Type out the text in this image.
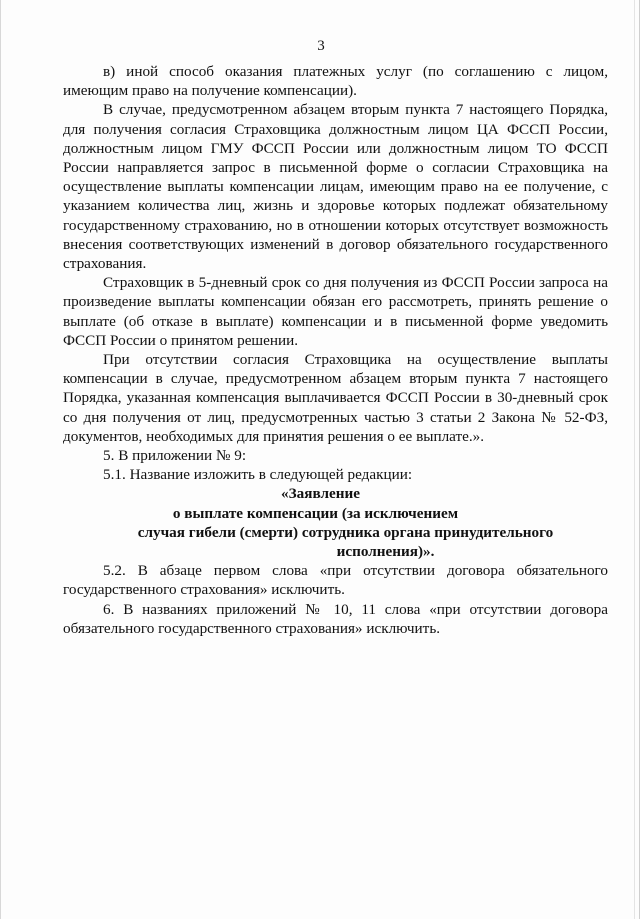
3

в) иной способ оказания платежных услуг (по соглашению с лицом, имеющим право на получение компенсации).

В случае, предусмотренном абзацем вторым пункта 7 настоящего Порядка, для получения согласия Страховщика должностным лицом ЦА ФССП России, должностным лицом ГМУ ФССП России или должностным лицом ТО ФССП России направляется запрос в письменной форме о согласии Страховщика на осуществление выплаты компенсации лицам, имеющим право на ее получение, с указанием количества лиц, жизнь и здоровье которых подлежат обязательному государственному страхованию, но в отношении которых отсутствует возможность внесения соответствующих изменений в договор обязательного государственного страхования.

Страховщик в 5-дневный срок со дня получения из ФССП России запроса на произведение выплаты компенсации обязан его рассмотреть, принять решение о выплате (об отказе в выплате) компенсации и в письменной форме уведомить ФССП России о принятом решении.

При отсутствии согласия Страховщика на осуществление выплаты компенсации в случае, предусмотренном абзацем вторым пункта 7 настоящего Порядка, указанная компенсация выплачивается ФССП России в 30-дневный срок со дня получения от лиц, предусмотренных частью 3 статьи 2 Закона № 52-ФЗ, документов, необходимых для принятия решения о ее выплате.».

5. В приложении № 9:

5.1. Название изложить в следующей редакции:

«Заявление
о выплате компенсации (за исключением
случая гибели (смерти) сотрудника органа принудительного
исполнения)».

5.2. В абзаце первом слова «при отсутствии договора обязательного государственного страхования» исключить.

6. В названиях приложений № 10, 11 слова «при отсутствии договора обязательного государственного страхования» исключить.
